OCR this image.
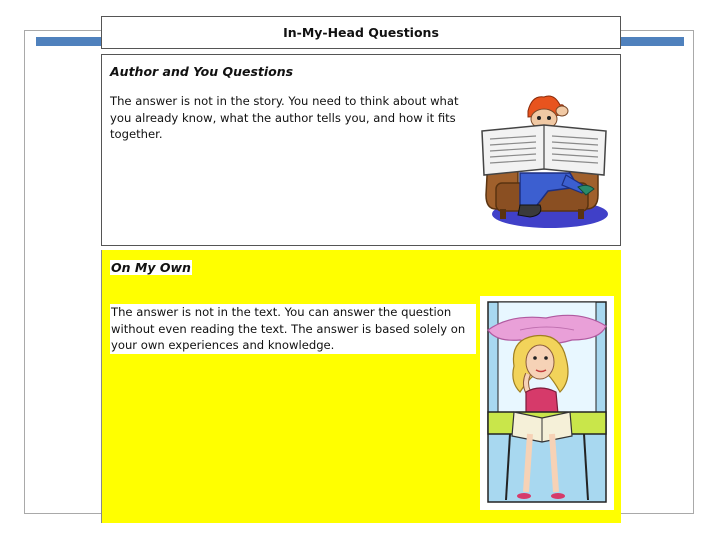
In-My-Head Questions
Author and You Questions
The answer is not in the story. You need to think about what you already know, what the author tells you, and how it fits together.
On My Own
The answer is not in the text. You can answer the question without even reading the text. The answer is based solely on your own experiences and knowledge.
